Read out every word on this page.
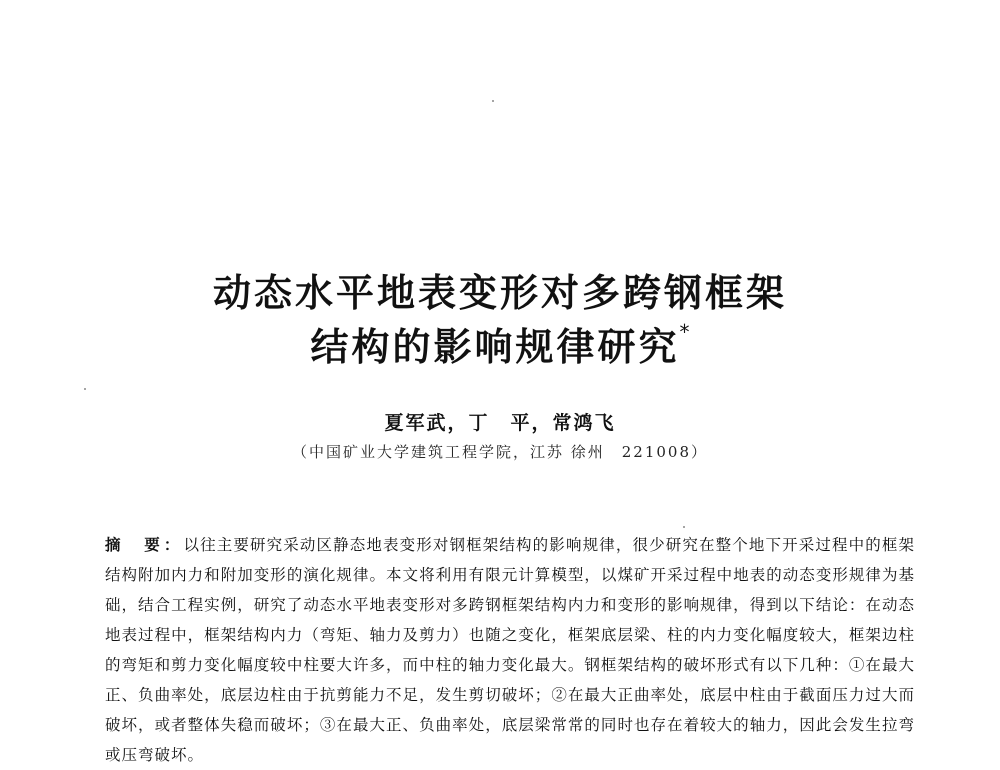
动态水平地表变形对多跨钢框架
结构的影响规律研究*
夏军武，丁　平，常鸿飞
（中国矿业大学建筑工程学院，江苏 徐州　221008）
摘　要：以往主要研究采动区静态地表变形对钢框架结构的影响规律，很少研究在整个地下开采过程中的框架结构附加内力和附加变形的演化规律。本文将利用有限元计算模型，以煤矿开采过程中地表的动态变形规律为基础，结合工程实例，研究了动态水平地表变形对多跨钢框架结构内力和变形的影响规律，得到以下结论：在动态地表过程中，框架结构内力（弯矩、轴力及剪力）也随之变化，框架底层梁、柱的内力变化幅度较大，框架边柱的弯矩和剪力变化幅度较中柱要大许多，而中柱的轴力变化最大。钢框架结构的破坏形式有以下几种：①在最大正、负曲率处，底层边柱由于抗剪能力不足，发生剪切破坏；②在最大正曲率处，底层中柱由于截面压力过大而破坏，或者整体失稳而破坏；③在最大正、负曲率处，底层梁常常的同时也存在着较大的轴力，因此会发生拉弯或压弯破坏。
